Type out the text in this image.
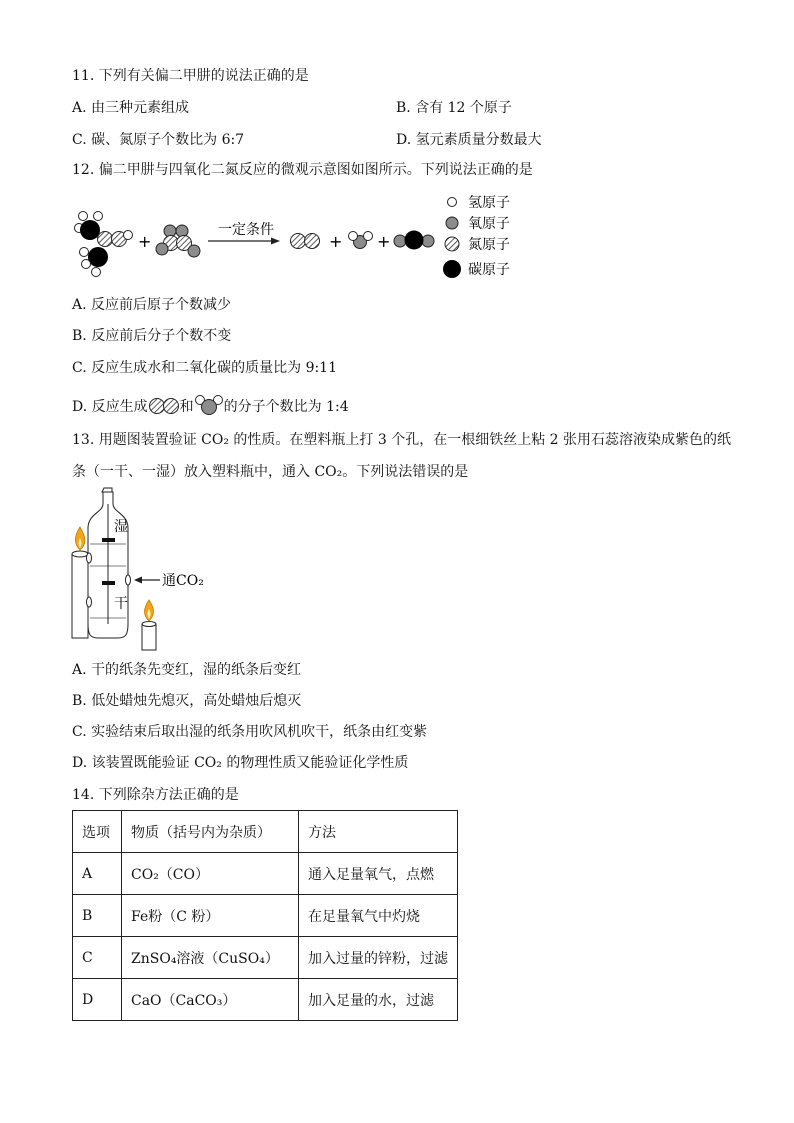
11. 下列有关偏二甲肼的说法正确的是
A. 由三种元素组成	B. 含有 12 个原子
C. 碳、氮原子个数比为 6:7	D. 氢元素质量分数最大
12. 偏二甲肼与四氧化二氮反应的微观示意图如图所示。下列说法正确的是
+
一定条件
+ +
氢原子
氧原子
氮原子
碳原子
A. 反应前后原子个数减少
B. 反应前后分子个数不变
C. 反应生成水和二氧化碳的质量比为 9:11
D. 反应生成 和 的分子个数比为 1:4
13. 用题图装置验证 CO₂ 的性质。在塑料瓶上打 3 个孔，在一根细铁丝上粘 2 张用石蕊溶液染成紫色的纸
条（一干、一湿）放入塑料瓶中，通入 CO₂。下列说法错误的是
湿
干
通CO₂
A. 干的纸条先变红，湿的纸条后变红
B. 低处蜡烛先熄灭，高处蜡烛后熄灭
C. 实验结束后取出湿的纸条用吹风机吹干，纸条由红变紫
D. 该装置既能验证 CO₂ 的物理性质又能验证化学性质
14. 下列除杂方法正确的是
选项	物质（括号内为杂质）	方法
A	CO₂（CO）	通入足量氧气，点燃
B	Fe粉（C 粉）	在足量氧气中灼烧
C	ZnSO₄溶液（CuSO₄）	加入过量的锌粉，过滤
D	CaO（CaCO₃）	加入足量的水，过滤
